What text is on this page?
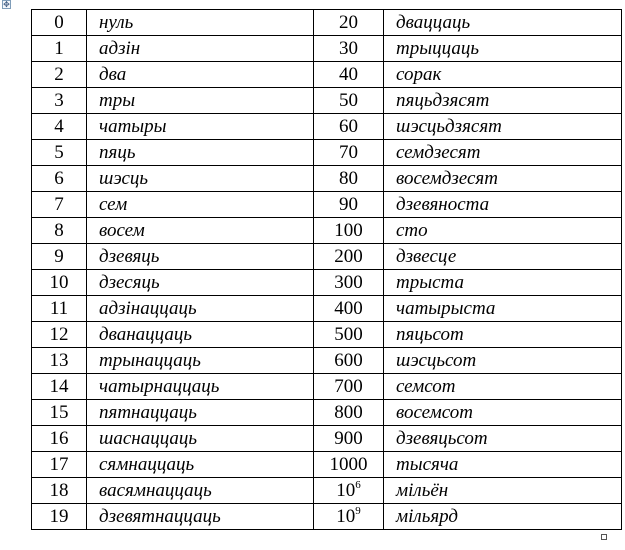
✥
0	нуль	20	дваццаць
1	адзін	30	трыццаць
2	два	40	сорак
3	тры	50	пяцьдзясят
4	чатыры	60	шэсцьдзясят
5	пяць	70	семдзесят
6	шэсць	80	восемдзесят
7	сем	90	дзевяноста
8	восем	100	сто
9	дзевяць	200	дзвесце
10	дзесяць	300	трыста
11	адзінаццаць	400	чатырыста
12	дванаццаць	500	пяцьсот
13	трынаццаць	600	шэсцьсот
14	чатырнаццаць	700	семсот
15	пятнаццаць	800	восемсот
16	шаснаццаць	900	дзевяцьсот
17	сямнаццаць	1000	тысяча
18	васямнаццаць	$10^6$	мільён
19	дзевятнаццаць	$10^9$	мільярд
